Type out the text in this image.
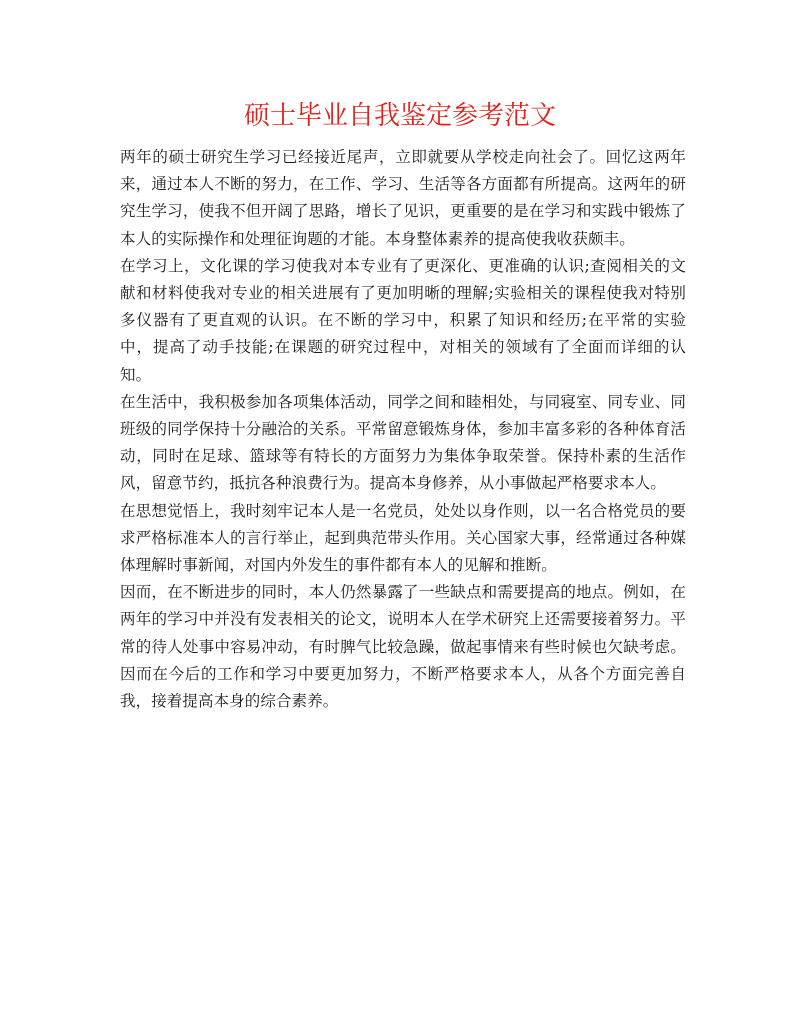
硕士毕业自我鉴定参考范文

两年的硕士研究生学习已经接近尾声，立即就要从学校走向社会了。回忆这两年来，通过本人不断的努力，在工作、学习、生活等各方面都有所提高。这两年的研究生学习，使我不但开阔了思路，增长了见识，更重要的是在学习和实践中锻炼了本人的实际操作和处理征询题的才能。本身整体素养的提高使我收获颇丰。

在学习上，文化课的学习使我对本专业有了更深化、更准确的认识;查阅相关的文献和材料使我对专业的相关进展有了更加明晰的理解;实验相关的课程使我对特别多仪器有了更直观的认识。在不断的学习中，积累了知识和经历;在平常的实验中，提高了动手技能;在课题的研究过程中，对相关的领域有了全面而详细的认知。

在生活中，我积极参加各项集体活动，同学之间和睦相处，与同寝室、同专业、同班级的同学保持十分融洽的关系。平常留意锻炼身体，参加丰富多彩的各种体育活动，同时在足球、篮球等有特长的方面努力为集体争取荣誉。保持朴素的生活作风，留意节约，抵抗各种浪费行为。提高本身修养，从小事做起严格要求本人。

在思想觉悟上，我时刻牢记本人是一名党员，处处以身作则，以一名合格党员的要求严格标准本人的言行举止，起到典范带头作用。关心国家大事，经常通过各种媒体理解时事新闻，对国内外发生的事件都有本人的见解和推断。

因而，在不断进步的同时，本人仍然暴露了一些缺点和需要提高的地点。例如，在两年的学习中并没有发表相关的论文，说明本人在学术研究上还需要接着努力。平常的待人处事中容易冲动，有时脾气比较急躁，做起事情来有些时候也欠缺考虑。因而在今后的工作和学习中要更加努力，不断严格要求本人，从各个方面完善自我，接着提高本身的综合素养。
